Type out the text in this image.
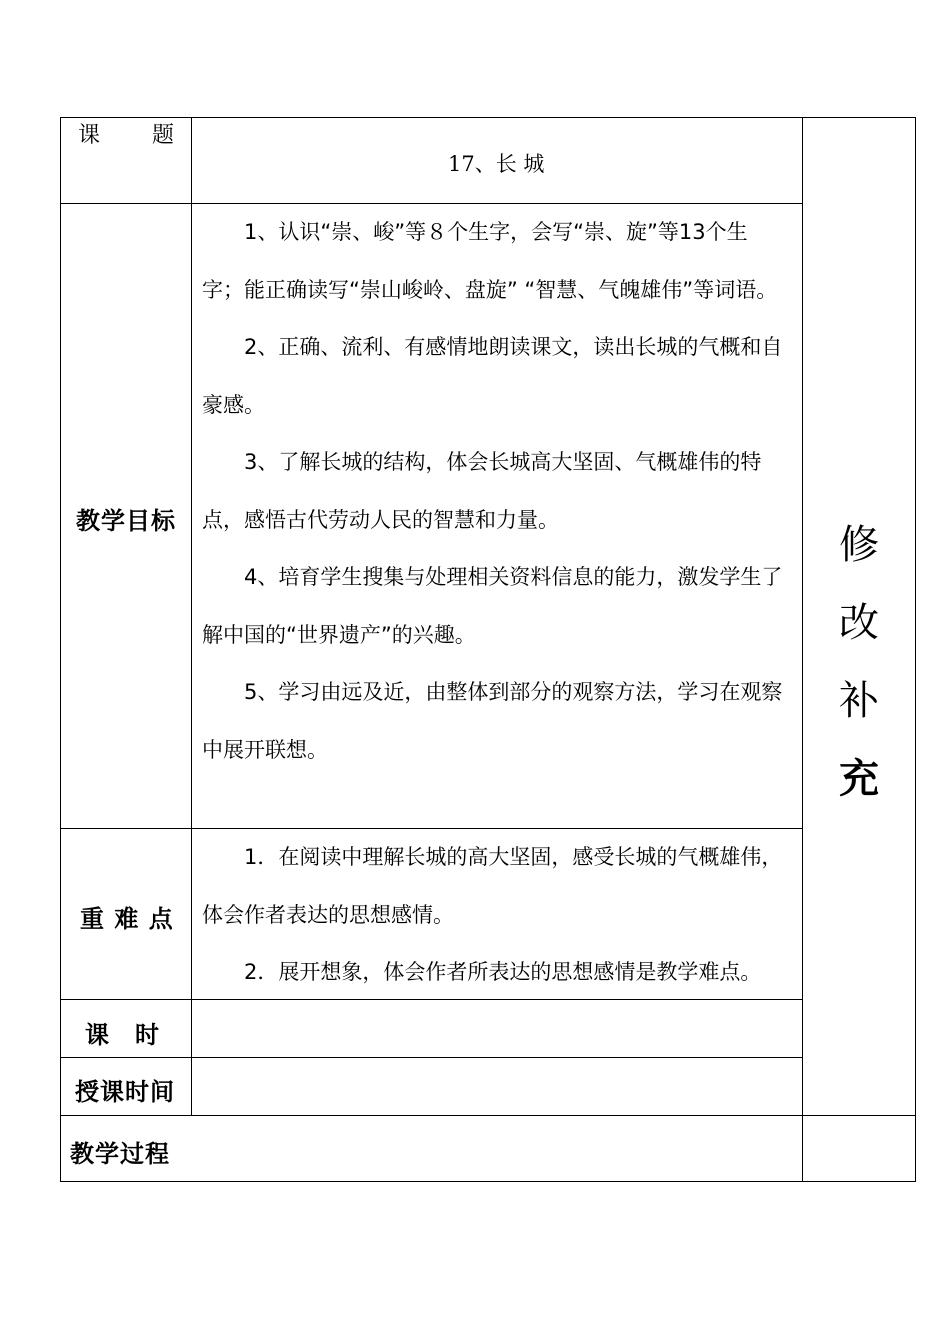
课 题
17、长 城
教学目标

1、认识“崇、峻”等８个生字，会写“崇、旋”等13个生字；能正确读写“崇山峻岭、盘旋” “智慧、气魄雄伟”等词语。

2、正确、流利、有感情地朗读课文，读出长城的气概和自豪感。

3、了解长城的结构，体会长城高大坚固、气概雄伟的特点，感悟古代劳动人民的智慧和力量。

4、培育学生搜集与处理相关资料信息的能力，激发学生了解中国的“世界遗产”的兴趣。

5、学习由远及近，由整体到部分的观察方法，学习在观察中展开联想。

重 难 点

1．在阅读中理解长城的高大坚固，感受长城的气概雄伟，体会作者表达的思想感情。

2．展开想象，体会作者所表达的思想感情是教学难点。

课　时
授课时间
教学过程
修
改
补
充
